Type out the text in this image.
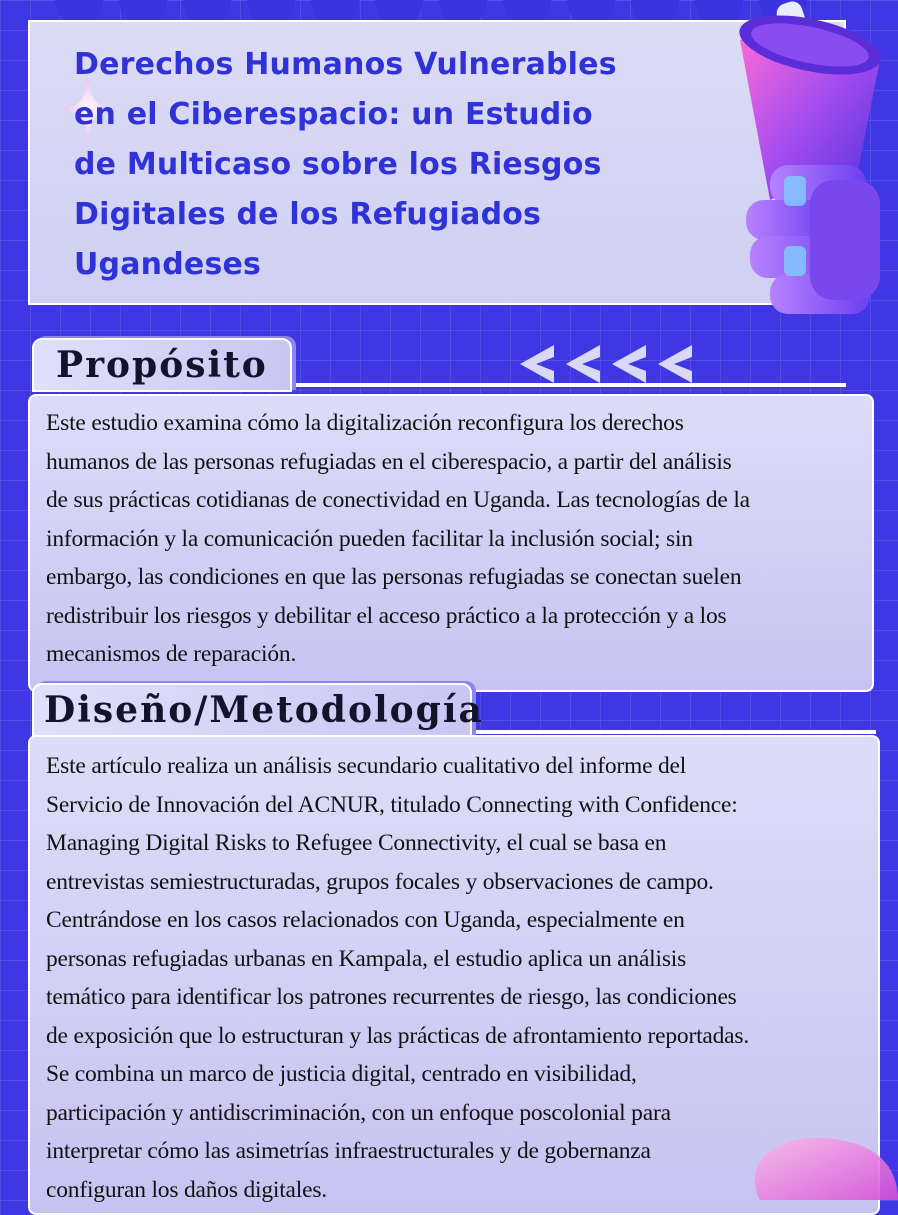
Derechos Humanos Vulnerables
en el Ciberespacio: un Estudio
de Multicaso sobre los Riesgos
Digitales de los Refugiados
Ugandeses
Propósito

Este estudio examina cómo la digitalización reconfigura los derechos
humanos de las personas refugiadas en el ciberespacio, a partir del análisis
de sus prácticas cotidianas de conectividad en Uganda. Las tecnologías de la
información y la comunicación pueden facilitar la inclusión social; sin
embargo, las condiciones en que las personas refugiadas se conectan suelen
redistribuir los riesgos y debilitar el acceso práctico a la protección y a los
mecanismos de reparación.

Diseño/Metodología

Este artículo realiza un análisis secundario cualitativo del informe del
Servicio de Innovación del ACNUR, titulado Connecting with Confidence:
Managing Digital Risks to Refugee Connectivity, el cual se basa en
entrevistas semiestructuradas, grupos focales y observaciones de campo.
Centrándose en los casos relacionados con Uganda, especialmente en
personas refugiadas urbanas en Kampala, el estudio aplica un análisis
temático para identificar los patrones recurrentes de riesgo, las condiciones
de exposición que lo estructuran y las prácticas de afrontamiento reportadas.
Se combina un marco de justicia digital, centrado en visibilidad,
participación y antidiscriminación, con un enfoque poscolonial para
interpretar cómo las asimetrías infraestructurales y de gobernanza
configuran los daños digitales.
